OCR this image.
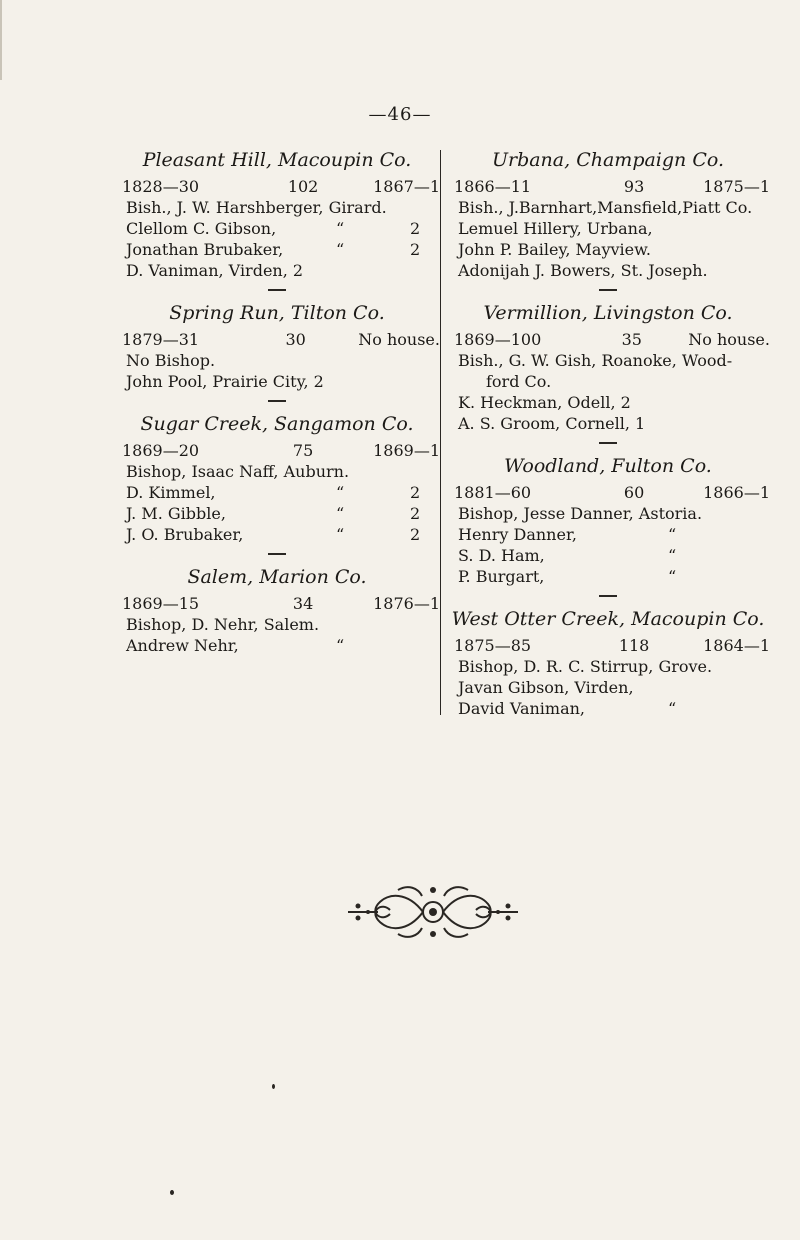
—46—
Pleasant Hill, Macoupin Co.
1828—30	102	1867—1
Bish., J. W. Harshberger, Girard.
Clellom C. Gibson,	“	2
Jonathan Brubaker,	“	2
D. Vaniman, Virden, 2
Spring Run, Tilton Co.
1879—31	30	No house.
No Bishop.
John Pool, Prairie City, 2
Sugar Creek, Sangamon Co.
1869—20	75	1869—1
Bishop, Isaac Naff, Auburn.
D. Kimmel,	“	2
J. M. Gibble,	“	2
J. O. Brubaker,	“	2
Salem, Marion Co.
1869—15	34	1876—1
Bishop, D. Nehr, Salem.
Andrew Nehr,	“
Urbana, Champaign Co.
1866—11	93	1875—1
Bish., J.Barnhart,Mansfield,Piatt Co.
Lemuel Hillery, Urbana,
John P. Bailey, Mayview.
Adonijah J. Bowers, St. Joseph.
Vermillion, Livingston Co.
1869—100	35	No house.
Bish., G. W. Gish, Roanoke, Wood-
ford Co.
K. Heckman, Odell, 2
A. S. Groom, Cornell, 1
Woodland, Fulton Co.
1881—60	60	1866—1
Bishop, Jesse Danner, Astoria.
Henry Danner,	“
S. D. Ham,	“
P. Burgart,	“
West Otter Creek, Macoupin Co.
1875—85	118	1864—1
Bishop, D. R. C. Stirrup, Grove.
Javan Gibson, Virden,
David Vaniman,	“
